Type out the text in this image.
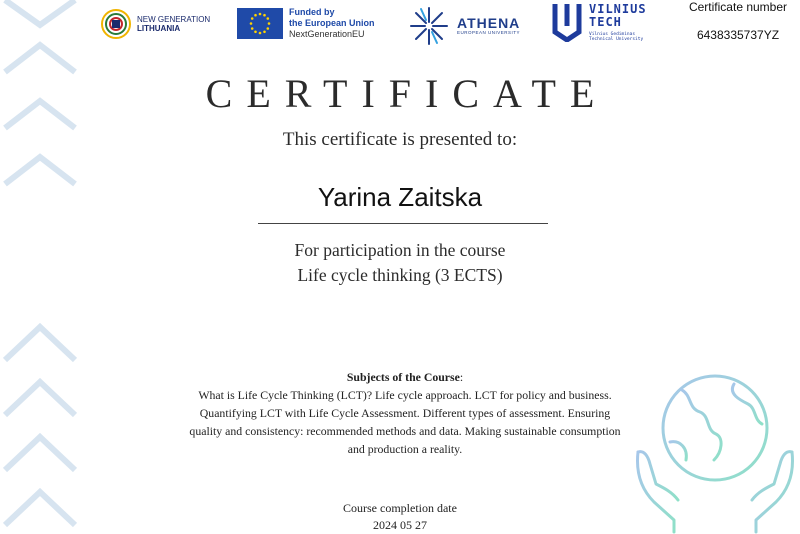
NEW GENERATION
LITHUANIA
Funded by
the European Union
NextGenerationEU
ATHENA
EUROPEAN UNIVERSITY
VILNIUS
TECH
Vilnius Gediminas
Technical University
Certificate number
6438335737YZ
CERTIFICATE
This certificate is presented to:
Yarina Zaitska
For participation in the course
Life cycle thinking (3 ECTS)
Subjects of the Course:
What is Life Cycle Thinking (LCT)? Life cycle approach. LCT for policy and business. Quantifying LCT with Life Cycle Assessment. Different types of assessment. Ensuring quality and consistency: recommended methods and data. Making sustainable consumption and production a reality.
Course completion date
2024 05 27
